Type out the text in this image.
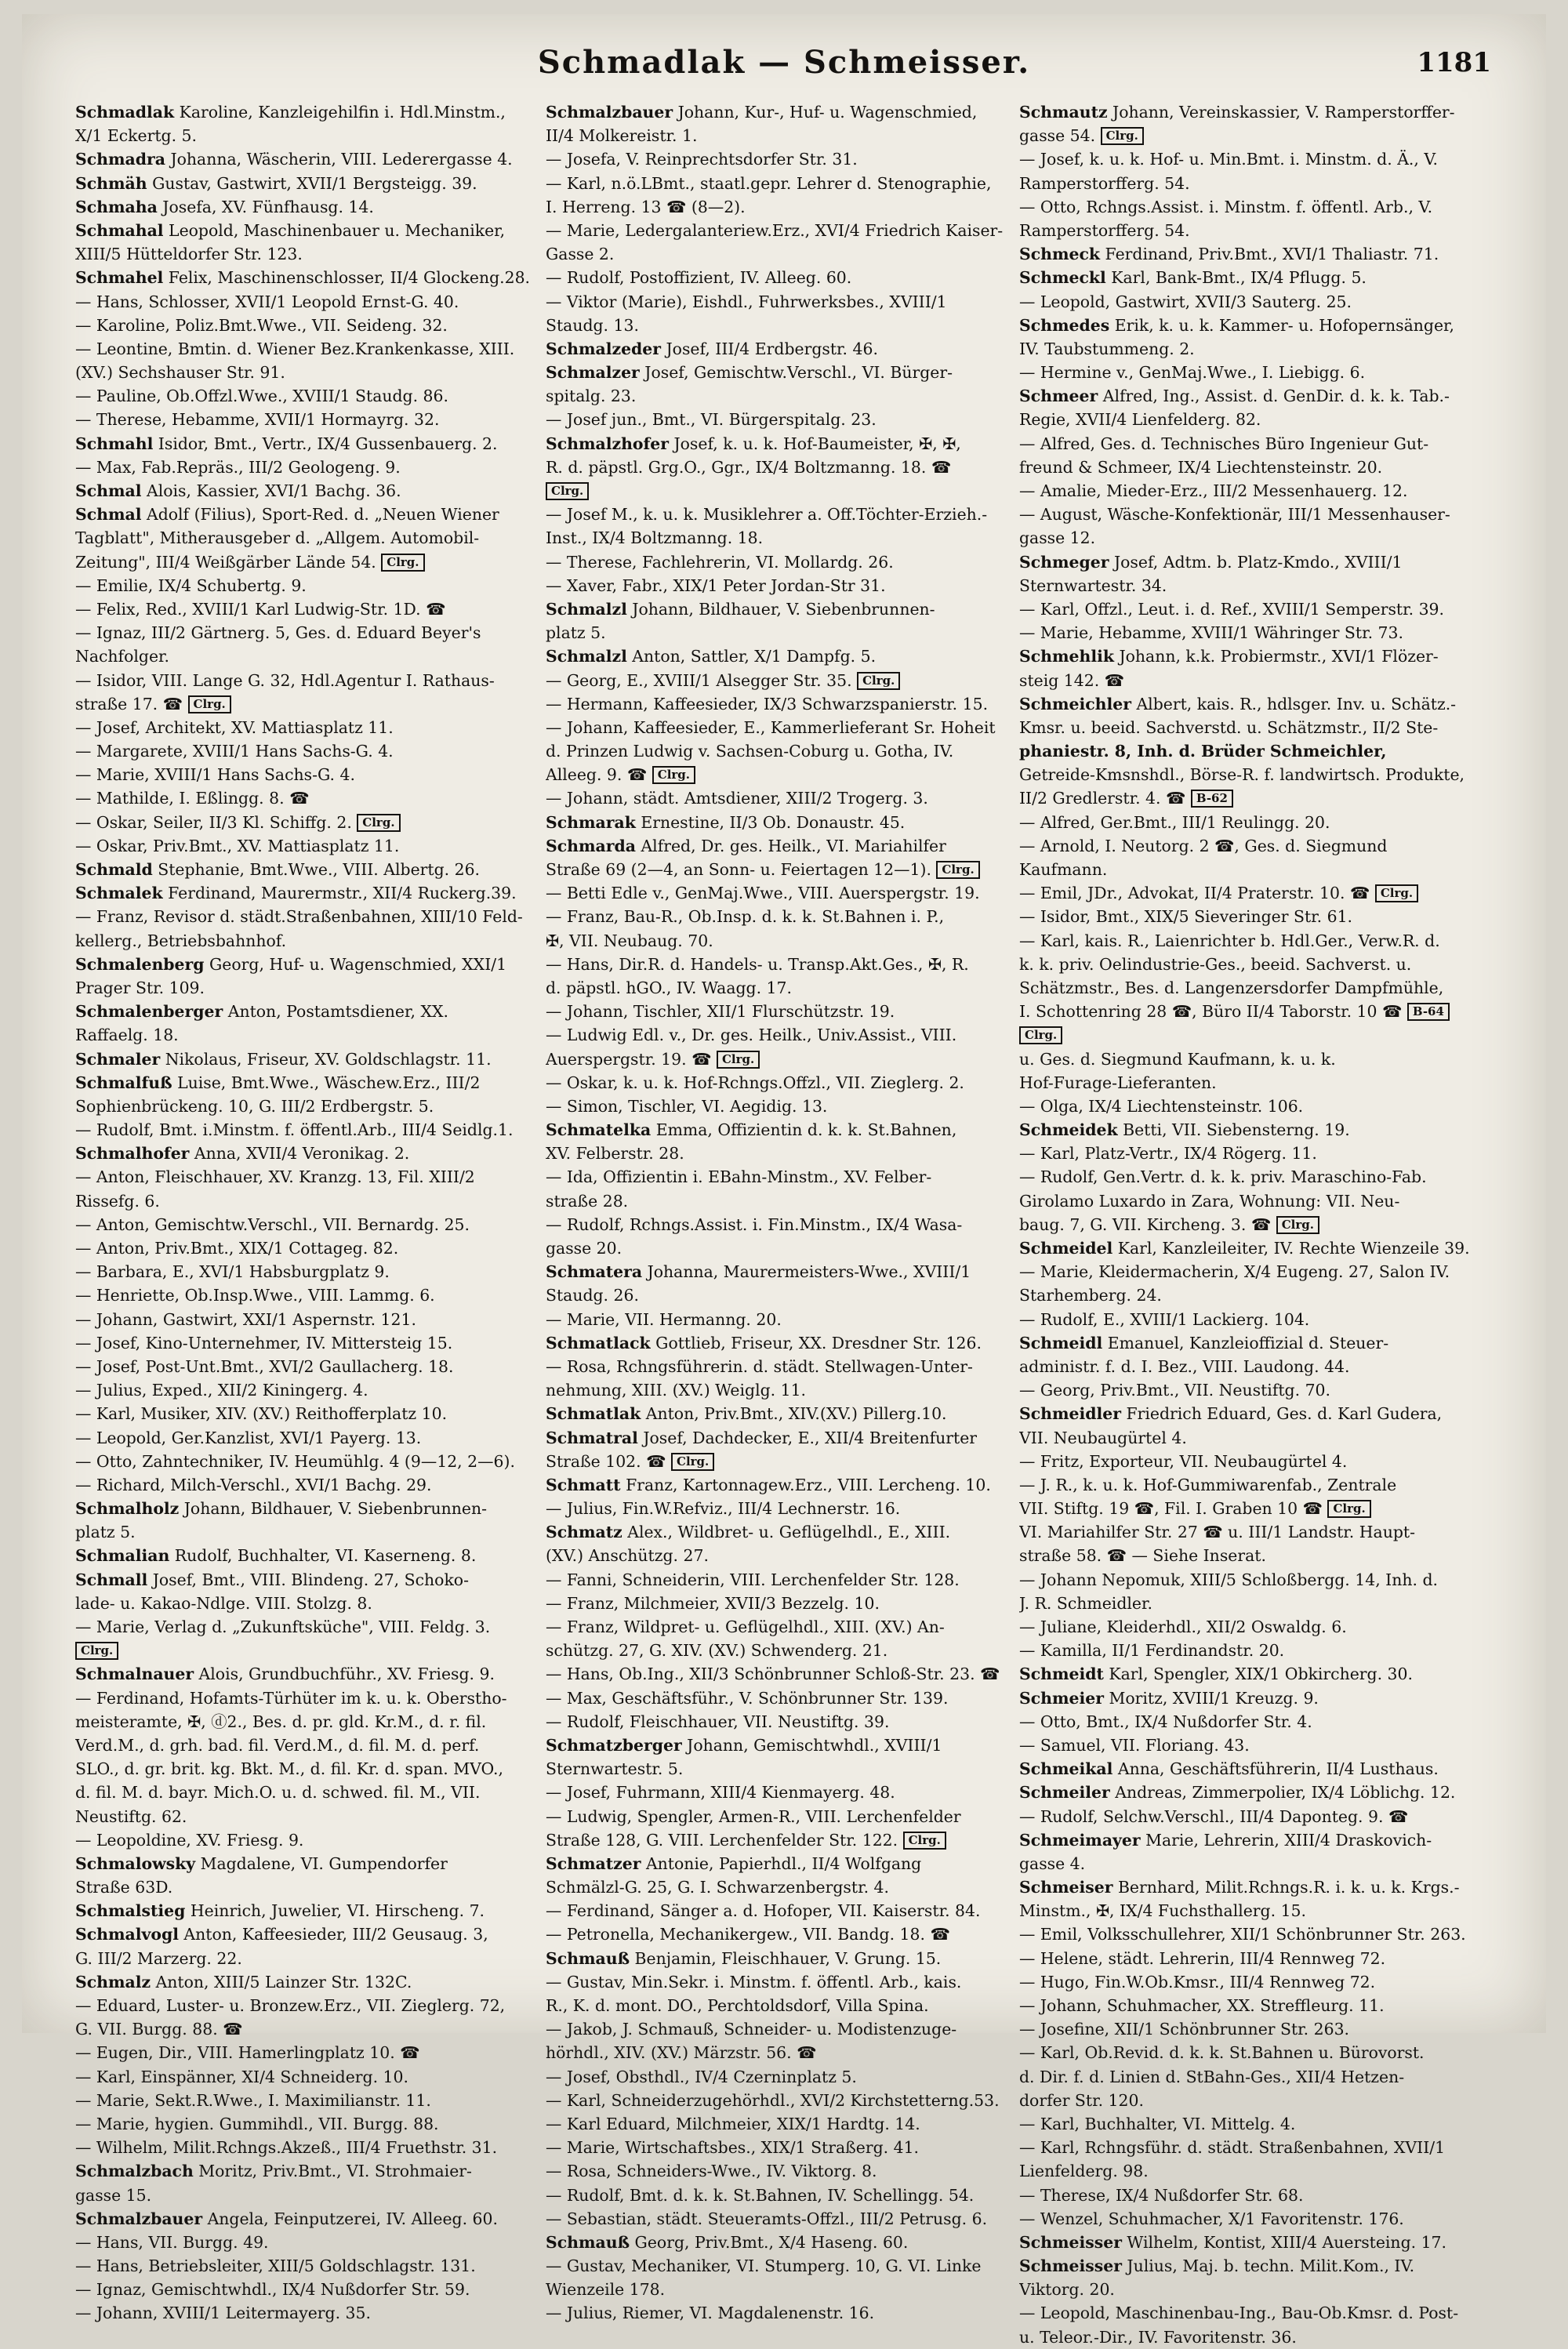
Schmadlak — Schmeisser.	1181
Schmadlak Karoline, Kanzleigehilfin i. Hdl.Minstm.,
X/1 Eckertg. 5.
Schmadra Johanna, Wäscherin, VIII. Lederergasse 4.
Schmäh Gustav, Gastwirt, XVII/1 Bergsteigg. 39.
Schmaha Josefa, XV. Fünfhausg. 14.
Schmahal Leopold, Maschinenbauer u. Mechaniker,
XIII/5 Hütteldorfer Str. 123.
Schmahel Felix, Maschinenschlosser, II/4 Glockeng.28.
— Hans, Schlosser, XVII/1 Leopold Ernst-G. 40.
— Karoline, Poliz.Bmt.Wwe., VII. Seideng. 32.
— Leontine, Bmtin. d. Wiener Bez.Krankenkasse, XIII.
(XV.) Sechshauser Str. 91.
— Pauline, Ob.Offzl.Wwe., XVIII/1 Staudg. 86.
— Therese, Hebamme, XVII/1 Hormayrg. 32.
Schmahl Isidor, Bmt., Vertr., IX/4 Gussenbauerg. 2.
— Max, Fab.Repräs., III/2 Geologeng. 9.
Schmal Alois, Kassier, XVI/1 Bachg. 36.
Schmal Adolf (Filius), Sport-Red. d. „Neuen Wiener
Tagblatt", Mitherausgeber d. „Allgem. Automobil-
Zeitung", III/4 Weißgärber Lände 54. Clrg.
— Emilie, IX/4 Schubertg. 9.
— Felix, Red., XVIII/1 Karl Ludwig-Str. 1D. ☎
— Ignaz, III/2 Gärtnerg. 5, Ges. d. Eduard Beyer's
Nachfolger.
— Isidor, VIII. Lange G. 32, Hdl.Agentur I. Rathaus-
straße 17. ☎ Clrg.
— Josef, Architekt, XV. Mattiasplatz 11.
— Margarete, XVIII/1 Hans Sachs-G. 4.
— Marie, XVIII/1 Hans Sachs-G. 4.
— Mathilde, I. Eßlingg. 8. ☎
— Oskar, Seiler, II/3 Kl. Schiffg. 2. Clrg.
— Oskar, Priv.Bmt., XV. Mattiasplatz 11.
Schmald Stephanie, Bmt.Wwe., VIII. Albertg. 26.
Schmalek Ferdinand, Maurermstr., XII/4 Ruckerg.39.
— Franz, Revisor d. städt.Straßenbahnen, XIII/10 Feld-
kellerg., Betriebsbahnhof.
Schmalenberg Georg, Huf- u. Wagenschmied, XXI/1
Prager Str. 109.
Schmalenberger Anton, Postamtsdiener, XX.
Raffaelg. 18.
Schmaler Nikolaus, Friseur, XV. Goldschlagstr. 11.
Schmalfuß Luise, Bmt.Wwe., Wäschew.Erz., III/2
Sophienbrückeng. 10, G. III/2 Erdbergstr. 5.
— Rudolf, Bmt. i.Minstm. f. öffentl.Arb., III/4 Seidlg.1.
Schmalhofer Anna, XVII/4 Veronikag. 2.
— Anton, Fleischhauer, XV. Kranzg. 13, Fil. XIII/2
Rissefg. 6.
— Anton, Gemischtw.Verschl., VII. Bernardg. 25.
— Anton, Priv.Bmt., XIX/1 Cottageg. 82.
— Barbara, E., XVI/1 Habsburgplatz 9.
— Henriette, Ob.Insp.Wwe., VIII. Lammg. 6.
— Johann, Gastwirt, XXI/1 Aspernstr. 121.
— Josef, Kino-Unternehmer, IV. Mittersteig 15.
— Josef, Post-Unt.Bmt., XVI/2 Gaullacherg. 18.
— Julius, Exped., XII/2 Kiningerg. 4.
— Karl, Musiker, XIV. (XV.) Reithofferplatz 10.
— Leopold, Ger.Kanzlist, XVI/1 Payerg. 13.
— Otto, Zahntechniker, IV. Heumühlg. 4 (9—12, 2—6).
— Richard, Milch-Verschl., XVI/1 Bachg. 29.
Schmalholz Johann, Bildhauer, V. Siebenbrunnen-
platz 5.
Schmalian Rudolf, Buchhalter, VI. Kaserneng. 8.
Schmall Josef, Bmt., VIII. Blindeng. 27, Schoko-
lade- u. Kakao-Ndlge. VIII. Stolzg. 8.
— Marie, Verlag d. „Zukunftsküche", VIII. Feldg. 3.
Clrg.
Schmalnauer Alois, Grundbuchführ., XV. Friesg. 9.
— Ferdinand, Hofamts-Türhüter im k. u. k. Oberstho-
meisteramte, ✠, ⓓ2., Bes. d. pr. gld. Kr.M., d. r. fil.
Verd.M., d. grh. bad. fil. Verd.M., d. fil. M. d. perf.
SLO., d. gr. brit. kg. Bkt. M., d. fil. Kr. d. span. MVO.,
d. fil. M. d. bayr. Mich.O. u. d. schwed. fil. M., VII.
Neustiftg. 62.
— Leopoldine, XV. Friesg. 9.
Schmalowsky Magdalene, VI. Gumpendorfer
Straße 63D.
Schmalstieg Heinrich, Juwelier, VI. Hirscheng. 7.
Schmalvogl Anton, Kaffeesieder, III/2 Geusaug. 3,
G. III/2 Marzerg. 22.
Schmalz Anton, XIII/5 Lainzer Str. 132C.
— Eduard, Luster- u. Bronzew.Erz., VII. Zieglerg. 72,
G. VII. Burgg. 88. ☎
— Eugen, Dir., VIII. Hamerlingplatz 10. ☎
— Karl, Einspänner, XI/4 Schneiderg. 10.
— Marie, Sekt.R.Wwe., I. Maximilianstr. 11.
— Marie, hygien. Gummihdl., VII. Burgg. 88.
— Wilhelm, Milit.Rchngs.Akzeß., III/4 Fruethstr. 31.
Schmalzbach Moritz, Priv.Bmt., VI. Strohmaier-
gasse 15.
Schmalzbauer Angela, Feinputzerei, IV. Alleeg. 60.
— Hans, VII. Burgg. 49.
— Hans, Betriebsleiter, XIII/5 Goldschlagstr. 131.
— Ignaz, Gemischtwhdl., IX/4 Nußdorfer Str. 59.
— Johann, XVIII/1 Leitermayerg. 35.
Schmalzbauer Johann, Kur-, Huf- u. Wagenschmied,
II/4 Molkereistr. 1.
— Josefa, V. Reinprechtsdorfer Str. 31.
— Karl, n.ö.LBmt., staatl.gepr. Lehrer d. Stenographie,
I. Herreng. 13 ☎ (8—2).
— Marie, Ledergalanteriew.Erz., XVI/4 Friedrich Kaiser-
Gasse 2.
— Rudolf, Postoffizient, IV. Alleeg. 60.
— Viktor (Marie), Eishdl., Fuhrwerksbes., XVIII/1
Staudg. 13.
Schmalzeder Josef, III/4 Erdbergstr. 46.
Schmalzer Josef, Gemischtw.Verschl., VI. Bürger-
spitalg. 23.
— Josef jun., Bmt., VI. Bürgerspitalg. 23.
Schmalzhofer Josef, k. u. k. Hof-Baumeister, ✠, ✠,
R. d. päpstl. Grg.O., Ggr., IX/4 Boltzmanng. 18. ☎
Clrg.
— Josef M., k. u. k. Musiklehrer a. Off.Töchter-Erzieh.-
Inst., IX/4 Boltzmanng. 18.
— Therese, Fachlehrerin, VI. Mollardg. 26.
— Xaver, Fabr., XIX/1 Peter Jordan-Str 31.
Schmalzl Johann, Bildhauer, V. Siebenbrunnen-
platz 5.
Schmalzl Anton, Sattler, X/1 Dampfg. 5.
— Georg, E., XVIII/1 Alsegger Str. 35. Clrg.
— Hermann, Kaffeesieder, IX/3 Schwarzspanierstr. 15.
— Johann, Kaffeesieder, E., Kammerlieferant Sr. Hoheit
d. Prinzen Ludwig v. Sachsen-Coburg u. Gotha, IV.
Alleeg. 9. ☎ Clrg.
— Johann, städt. Amtsdiener, XIII/2 Trogerg. 3.
Schmarak Ernestine, II/3 Ob. Donaustr. 45.
Schmarda Alfred, Dr. ges. Heilk., VI. Mariahilfer
Straße 69 (2—4, an Sonn- u. Feiertagen 12—1). Clrg.
— Betti Edle v., GenMaj.Wwe., VIII. Auerspergstr. 19.
— Franz, Bau-R., Ob.Insp. d. k. k. St.Bahnen i. P.,
✠, VII. Neubaug. 70.
— Hans, Dir.R. d. Handels- u. Transp.Akt.Ges., ✠, R.
d. päpstl. hGO., IV. Waagg. 17.
— Johann, Tischler, XII/1 Flurschützstr. 19.
— Ludwig Edl. v., Dr. ges. Heilk., Univ.Assist., VIII.
Auerspergstr. 19. ☎ Clrg.
— Oskar, k. u. k. Hof-Rchngs.Offzl., VII. Zieglerg. 2.
— Simon, Tischler, VI. Aegidig. 13.
Schmatelka Emma, Offizientin d. k. k. St.Bahnen,
XV. Felberstr. 28.
— Ida, Offizientin i. EBahn-Minstm., XV. Felber-
straße 28.
— Rudolf, Rchngs.Assist. i. Fin.Minstm., IX/4 Wasa-
gasse 20.
Schmatera Johanna, Maurermeisters-Wwe., XVIII/1
Staudg. 26.
— Marie, VII. Hermanng. 20.
Schmatlack Gottlieb, Friseur, XX. Dresdner Str. 126.
— Rosa, Rchngsführerin. d. städt. Stellwagen-Unter-
nehmung, XIII. (XV.) Weiglg. 11.
Schmatlak Anton, Priv.Bmt., XIV.(XV.) Pillerg.10.
Schmatral Josef, Dachdecker, E., XII/4 Breitenfurter
Straße 102. ☎ Clrg.
Schmatt Franz, Kartonnagew.Erz., VIII. Lercheng. 10.
— Julius, Fin.W.Refviz., III/4 Lechnerstr. 16.
Schmatz Alex., Wildbret- u. Geflügelhdl., E., XIII.
(XV.) Anschützg. 27.
— Fanni, Schneiderin, VIII. Lerchenfelder Str. 128.
— Franz, Milchmeier, XVII/3 Bezzelg. 10.
— Franz, Wildpret- u. Geflügelhdl., XIII. (XV.) An-
schützg. 27, G. XIV. (XV.) Schwenderg. 21.
— Hans, Ob.Ing., XII/3 Schönbrunner Schloß-Str. 23. ☎
— Max, Geschäftsführ., V. Schönbrunner Str. 139.
— Rudolf, Fleischhauer, VII. Neustiftg. 39.
Schmatzberger Johann, Gemischtwhdl., XVIII/1
Sternwartestr. 5.
— Josef, Fuhrmann, XIII/4 Kienmayerg. 48.
— Ludwig, Spengler, Armen-R., VIII. Lerchenfelder
Straße 128, G. VIII. Lerchenfelder Str. 122. Clrg.
Schmatzer Antonie, Papierhdl., II/4 Wolfgang
Schmälzl-G. 25, G. I. Schwarzenbergstr. 4.
— Ferdinand, Sänger a. d. Hofoper, VII. Kaiserstr. 84.
— Petronella, Mechanikergew., VII. Bandg. 18. ☎
Schmauß Benjamin, Fleischhauer, V. Grung. 15.
— Gustav, Min.Sekr. i. Minstm. f. öffentl. Arb., kais.
R., K. d. mont. DO., Perchtoldsdorf, Villa Spina.
— Jakob, J. Schmauß, Schneider- u. Modistenzuge-
hörhdl., XIV. (XV.) Märzstr. 56. ☎
— Josef, Obsthdl., IV/4 Czerninplatz 5.
— Karl, Schneiderzugehörhdl., XVI/2 Kirchstetterng.53.
— Karl Eduard, Milchmeier, XIX/1 Hardtg. 14.
— Marie, Wirtschaftsbes., XIX/1 Straßerg. 41.
— Rosa, Schneiders-Wwe., IV. Viktorg. 8.
— Rudolf, Bmt. d. k. k. St.Bahnen, IV. Schellingg. 54.
— Sebastian, städt. Steueramts-Offzl., III/2 Petrusg. 6.
Schmauß Georg, Priv.Bmt., X/4 Haseng. 60.
— Gustav, Mechaniker, VI. Stumperg. 10, G. VI. Linke
Wienzeile 178.
— Julius, Riemer, VI. Magdalenenstr. 16.
Schmautz Johann, Vereinskassier, V. Ramperstorffer-
gasse 54. Clrg.
— Josef, k. u. k. Hof- u. Min.Bmt. i. Minstm. d. Ä., V.
Ramperstorfferg. 54.
— Otto, Rchngs.Assist. i. Minstm. f. öffentl. Arb., V.
Ramperstorfferg. 54.
Schmeck Ferdinand, Priv.Bmt., XVI/1 Thaliastr. 71.
Schmeckl Karl, Bank-Bmt., IX/4 Pflugg. 5.
— Leopold, Gastwirt, XVII/3 Sauterg. 25.
Schmedes Erik, k. u. k. Kammer- u. Hofopernsänger,
IV. Taubstummeng. 2.
— Hermine v., GenMaj.Wwe., I. Liebigg. 6.
Schmeer Alfred, Ing., Assist. d. GenDir. d. k. k. Tab.-
Regie, XVII/4 Lienfelderg. 82.
— Alfred, Ges. d. Technisches Büro Ingenieur Gut-
freund & Schmeer, IX/4 Liechtensteinstr. 20.
— Amalie, Mieder-Erz., III/2 Messenhauerg. 12.
— August, Wäsche-Konfektionär, III/1 Messenhauser-
gasse 12.
Schmeger Josef, Adtm. b. Platz-Kmdo., XVIII/1
Sternwartestr. 34.
— Karl, Offzl., Leut. i. d. Ref., XVIII/1 Semperstr. 39.
— Marie, Hebamme, XVIII/1 Währinger Str. 73.
Schmehlik Johann, k.k. Probiermstr., XVI/1 Flözer-
steig 142. ☎
Schmeichler Albert, kais. R., hdlsger. Inv. u. Schätz.-
Kmsr. u. beeid. Sachverstd. u. Schätzmstr., II/2 Ste-
phaniestr. 8, Inh. d. Brüder Schmeichler,
Getreide-Kmsnshdl., Börse-R. f. landwirtsch. Produkte,
II/2 Gredlerstr. 4. ☎ B-62
— Alfred, Ger.Bmt., III/1 Reulingg. 20.
— Arnold, I. Neutorg. 2 ☎, Ges. d. Siegmund
Kaufmann.
— Emil, JDr., Advokat, II/4 Praterstr. 10. ☎ Clrg.
— Isidor, Bmt., XIX/5 Sieveringer Str. 61.
— Karl, kais. R., Laienrichter b. Hdl.Ger., Verw.R. d.
k. k. priv. Oelindustrie-Ges., beeid. Sachverst. u.
Schätzmstr., Bes. d. Langenzersdorfer Dampfmühle,
I. Schottenring 28 ☎, Büro II/4 Taborstr. 10 ☎ B-64
Clrg.
u. Ges. d. Siegmund Kaufmann, k. u. k.
Hof-Furage-Lieferanten.
— Olga, IX/4 Liechtensteinstr. 106.
Schmeidek Betti, VII. Siebensterng. 19.
— Karl, Platz-Vertr., IX/4 Rögerg. 11.
— Rudolf, Gen.Vertr. d. k. k. priv. Maraschino-Fab.
Girolamo Luxardo in Zara, Wohnung: VII. Neu-
baug. 7, G. VII. Kircheng. 3. ☎ Clrg.
Schmeidel Karl, Kanzleileiter, IV. Rechte Wienzeile 39.
— Marie, Kleidermacherin, X/4 Eugeng. 27, Salon IV.
Starhemberg. 24.
— Rudolf, E., XVIII/1 Lackierg. 104.
Schmeidl Emanuel, Kanzleioffizial d. Steuer-
administr. f. d. I. Bez., VIII. Laudong. 44.
— Georg, Priv.Bmt., VII. Neustiftg. 70.
Schmeidler Friedrich Eduard, Ges. d. Karl Gudera,
VII. Neubaugürtel 4.
— Fritz, Exporteur, VII. Neubaugürtel 4.
— J. R., k. u. k. Hof-Gummiwarenfab., Zentrale
VII. Stiftg. 19 ☎, Fil. I. Graben 10 ☎ Clrg.
VI. Mariahilfer Str. 27 ☎ u. III/1 Landstr. Haupt-
straße 58. ☎ — Siehe Inserat.
— Johann Nepomuk, XIII/5 Schloßbergg. 14, Inh. d.
J. R. Schmeidler.
— Juliane, Kleiderhdl., XII/2 Oswaldg. 6.
— Kamilla, II/1 Ferdinandstr. 20.
Schmeidt Karl, Spengler, XIX/1 Obkircherg. 30.
Schmeier Moritz, XVIII/1 Kreuzg. 9.
— Otto, Bmt., IX/4 Nußdorfer Str. 4.
— Samuel, VII. Floriang. 43.
Schmeikal Anna, Geschäftsführerin, II/4 Lusthaus.
Schmeiler Andreas, Zimmerpolier, IX/4 Löblichg. 12.
— Rudolf, Selchw.Verschl., III/4 Daponteg. 9. ☎
Schmeimayer Marie, Lehrerin, XIII/4 Draskovich-
gasse 4.
Schmeiser Bernhard, Milit.Rchngs.R. i. k. u. k. Krgs.-
Minstm., ✠, IX/4 Fuchsthallerg. 15.
— Emil, Volksschullehrer, XII/1 Schönbrunner Str. 263.
— Helene, städt. Lehrerin, III/4 Rennweg 72.
— Hugo, Fin.W.Ob.Kmsr., III/4 Rennweg 72.
— Johann, Schuhmacher, XX. Streffleurg. 11.
— Josefine, XII/1 Schönbrunner Str. 263.
— Karl, Ob.Revid. d. k. k. St.Bahnen u. Bürovorst.
d. Dir. f. d. Linien d. StBahn-Ges., XII/4 Hetzen-
dorfer Str. 120.
— Karl, Buchhalter, VI. Mittelg. 4.
— Karl, Rchngsführ. d. städt. Straßenbahnen, XVII/1
Lienfelderg. 98.
— Therese, IX/4 Nußdorfer Str. 68.
— Wenzel, Schuhmacher, X/1 Favoritenstr. 176.
Schmeisser Wilhelm, Kontist, XIII/4 Auersteing. 17.
Schmeisser Julius, Maj. b. techn. Milit.Kom., IV.
Viktorg. 20.
— Leopold, Maschinenbau-Ing., Bau-Ob.Kmsr. d. Post-
u. Teleor.-Dir., IV. Favoritenstr. 36.
